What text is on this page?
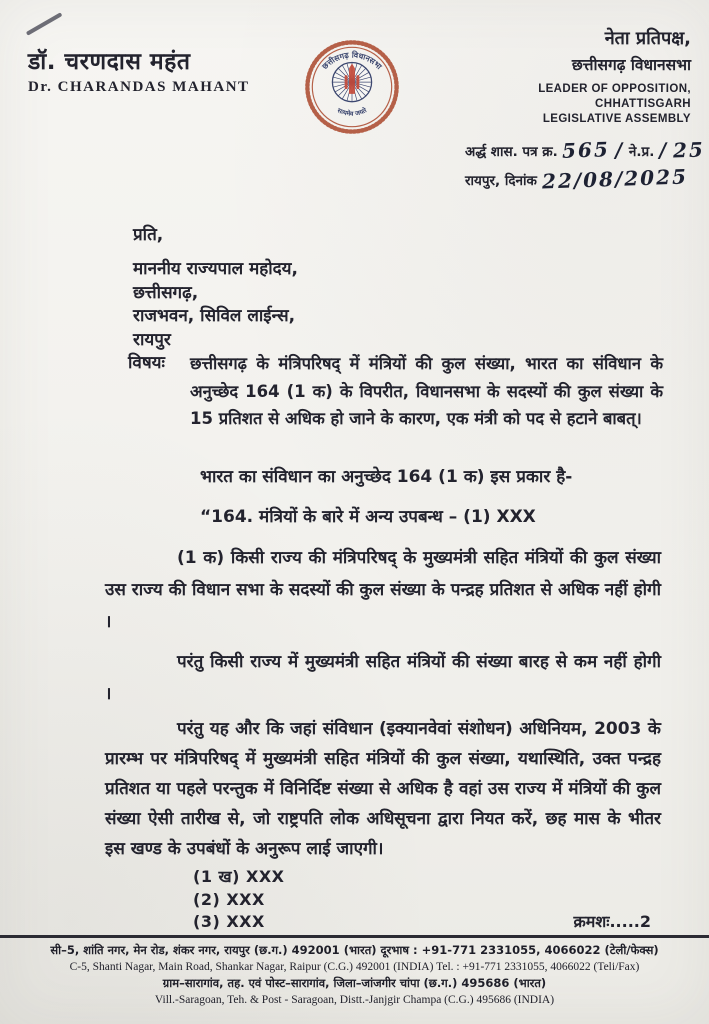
डॉ. चरणदास महंत
Dr. CHARANDAS MAHANT
छत्तीसगढ़ विधानसभा
सत्यमेव जयते
नेता प्रतिपक्ष,
छत्तीसगढ़ विधानसभा
LEADER OF OPPOSITION,
CHHATTISGARH
LEGISLATIVE ASSEMBLY
अर्द्ध शास. पत्र क्र. 565 / ने.प्र. / 25
रायपुर, दिनांक 22/08/2025
प्रति,
माननीय राज्यपाल महोदय,
छत्तीसगढ़,
राजभवन, सिविल लाईन्स,
रायपुर
विषयः	छत्तीसगढ़ के मंत्रिपरिषद् में मंत्रियों की कुल संख्या, भारत का संविधान के अनुच्छेद 164 (1 क) के विपरीत, विधानसभा के सदस्यों की कुल संख्या के 15 प्रतिशत से अधिक हो जाने के कारण, एक मंत्री को पद से हटाने बाबत्।
भारत का संविधान का अनुच्छेद 164 (1 क) इस प्रकार है-
“164. मंत्रियों के बारे में अन्य उपबन्ध – (1) XXX
(1 क) किसी राज्य की मंत्रिपरिषद् के मुख्यमंत्री सहित मंत्रियों की कुल संख्या उस राज्य की विधान सभा के सदस्यों की कुल संख्या के पन्द्रह प्रतिशत से अधिक नहीं होगी ।
परंतु किसी राज्य में मुख्यमंत्री सहित मंत्रियों की संख्या बारह से कम नहीं होगी ।
परंतु यह और कि जहां संविधान (इक्यानवेवां संशोधन) अधिनियम, 2003 के प्रारम्भ पर मंत्रिपरिषद् में मुख्यमंत्री सहित मंत्रियों की कुल संख्या, यथास्थिति, उक्त पन्द्रह प्रतिशत या पहले परन्तुक में विनिर्दिष्ट संख्या से अधिक है वहां उस राज्य में मंत्रियों की कुल संख्या ऐसी तारीख से, जो राष्ट्रपति लोक अधिसूचना द्वारा नियत करें, छह मास के भीतर इस खण्ड के उपबंधों के अनुरूप लाई जाएगी।
(1 ख) XXX
(2) XXX
(3) XXX	क्रमशः.....2
सी–5, शांति नगर, मेन रोड, शंकर नगर, रायपुर (छ.ग.) 492001 (भारत) दूरभाष : +91-771 2331055, 4066022 (टेली/फेक्स)
C-5, Shanti Nagar, Main Road, Shankar Nagar, Raipur (C.G.) 492001 (INDIA) Tel. : +91-771 2331055, 4066022 (Teli/Fax)
ग्राम–सारागांव, तह. एवं पोस्ट–सारागांव, जिला–जांजगीर चांपा (छ.ग.) 495686 (भारत)
Vill.-Saragoan, Teh. & Post - Saragoan, Distt.-Janjgir Champa (C.G.) 495686 (INDIA)
